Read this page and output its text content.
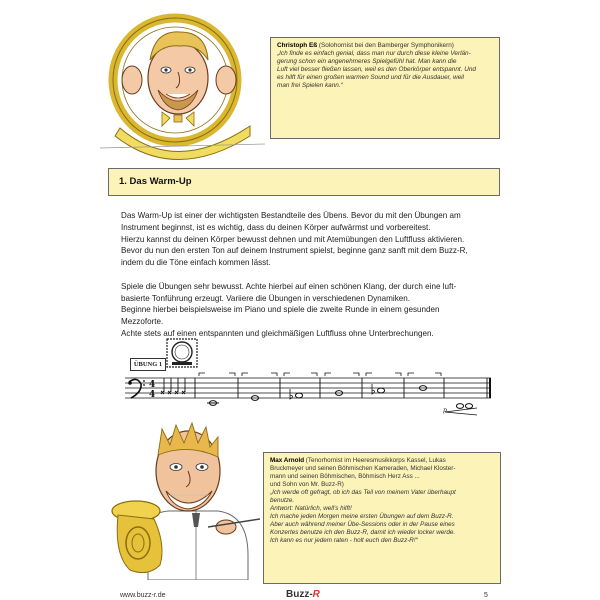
Christoph Eß (Solohornist bei den Bamberger Symphonikern)
„Ich finde es einfach genial, dass man nur durch diese kleine Verlän-
gerung schon ein angenehmeres Spielgefühl hat. Man kann die
Luft viel besser fließen lassen, weil es den Oberkörper entspannt. Und
es hilft für einen großen warmen Sound und für die Ausdauer, weil
man frei Spielen kann.“
1. Das Warm-Up

Das Warm-Up ist einer der wichtigsten Bestandteile des Übens. Bevor du mit den Übungen am
Instrument beginnst, ist es wichtig, dass du deinen Körper aufwärmst und vorbereitest.
Hierzu kannst du deinen Körper bewusst dehnen und mit Atemübungen den Luftfluss aktivieren.
Bevor du nun den ersten Ton auf deinem Instrument spielst, beginne ganz sanft mit dem Buzz-R,
indem du die Töne einfach kommen lässt.

Spiele die Übungen sehr bewusst. Achte hierbei auf einen schönen Klang, der durch eine luft-
basierte Tonführung erzeugt. Variiere die Übungen in verschiedenen Dynamiken.
Beginne hierbei beispielsweise im Piano und spiele die zweite Runde in einem gesunden
Mezzoforte.
Achte stets auf einen entspannten und gleichmäßigen Luftfluss ohne Unterbrechungen.

ÜBUNG 1
4
4
p
Max Arnold (Tenorhornist im Heeresmusikkorps Kassel, Lukas
Bruckmeyer und seinen Böhmischen Kameraden, Michael Kloster-
mann und seinen Böhmischen, Böhmisch Herz Ass ...
und Sohn von Mr. Buzz-R)
„Ich werde oft gefragt, ob ich das Teil von meinem Vater überhaupt
benutze.
Antwort: Natürlich, well's hilft!
Ich mache jeden Morgen meine ersten Übungen auf dem Buzz-R.
Aber auch während meiner Übe-Sessions oder in der Pause eines
Konzertes benutze ich den Buzz-R, damit ich wieder locker werde.
Ich kann es nur jedem raten - holt euch den Buzz-R!“
www.buzz-r.de	Buzz-R	5
